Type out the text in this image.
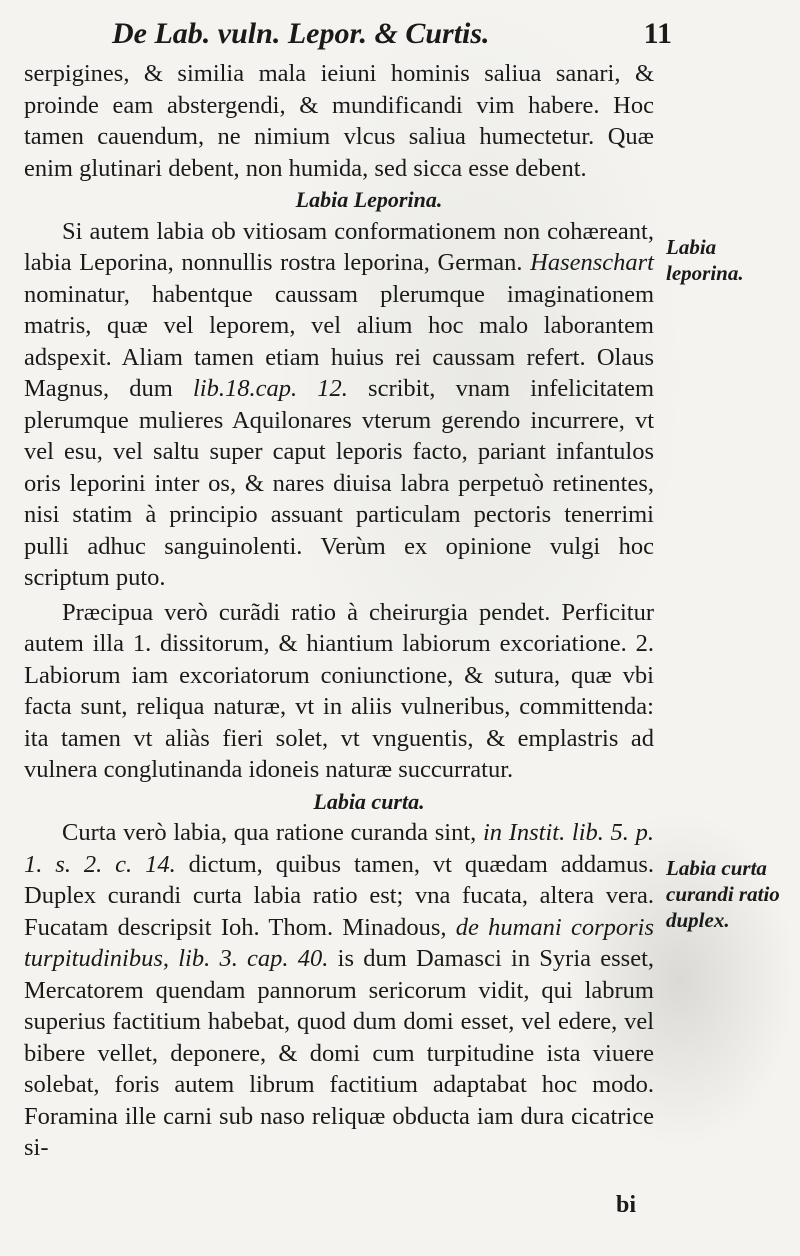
De Lab. vuln. Lepor. & Curtis.	11

serpigines, & similia mala ieiuni hominis saliua sanari, & proinde eam abstergendi, & mundificandi vim habere. Hoc tamen cauendum, ne nimium vlcus saliua humectetur. Quæ enim glutinari debent, non humida, sed sicca esse debent.

Labia Leporina.

Si autem labia ob vitiosam conformationem non cohæreant, labia Leporina, nonnullis rostra leporina, German. Hasenschart nominatur, habentque caussam plerumque imaginationem matris, quæ vel leporem, vel alium hoc malo laborantem adspexit. Aliam tamen etiam huius rei caussam refert. Olaus Magnus, dum lib.18.cap. 12. scribit, vnam infelicitatem plerumque mulieres Aquilonares vterum gerendo incurrere, vt vel esu, vel saltu super caput leporis facto, pariant infantulos oris leporini inter os, & nares diuisa labra perpetuò retinentes, nisi statim à principio assuant particulam pectoris tenerrimi pulli adhuc sanguinolenti. Verùm ex opinione vulgi hoc scriptum puto.

Præcipua verò curãdi ratio à cheirurgia pendet. Perficitur autem illa 1. dissitorum, & hiantium labiorum excoriatione. 2. Labiorum iam excoriatorum coniunctione, & sutura, quæ vbi facta sunt, reliqua naturæ, vt in aliis vulneribus, committenda: ita tamen vt aliàs fieri solet, vt vnguentis, & emplastris ad vulnera conglutinanda idoneis naturæ succurratur.

Labia curta.

Curta verò labia, qua ratione curanda sint, in Instit. lib. 5. p. 1. s. 2. c. 14. dictum, quibus tamen, vt quædam addamus. Duplex curandi curta labia ratio est; vna fucata, altera vera. Fucatam descripsit Ioh. Thom. Minadous, de humani corporis turpitudinibus, lib. 3. cap. 40. is dum Damasci in Syria esset, Mercatorem quendam pannorum sericorum vidit, qui labrum superius factitium habebat, quod dum domi esset, vel edere, vel bibere vellet, deponere, & domi cum turpitudine ista viuere solebat, foris autem librum factitium adaptabat hoc modo. Foramina ille carni sub naso reliquæ obducta iam dura cicatrice si-

Labia leporina.
Labia curta curandi ratio duplex.
bi
